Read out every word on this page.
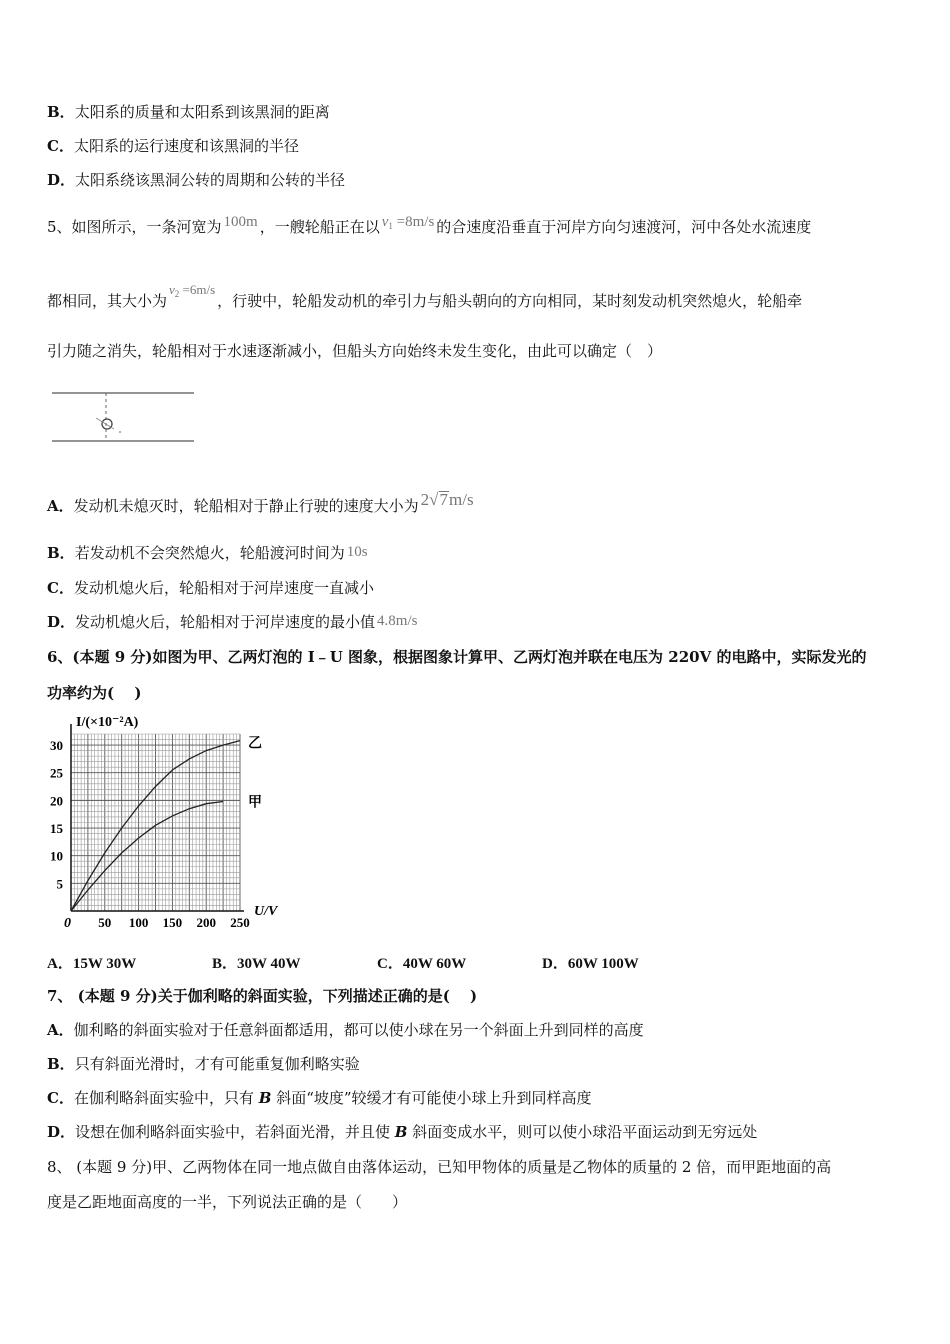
B．太阳系的质量和太阳系到该黑洞的距离
C．太阳系的运行速度和该黑洞的半径
D．太阳系绕该黑洞公转的周期和公转的半径
5、如图所示，一条河宽为 100m ，一艘轮船正在以 $v_1 =8m/s$ 的合速度沿垂直于河岸方向匀速渡河，河中各处水流速度
都相同，其大小为$v_2 =6m/s$，行驶中，轮船发动机的牵引力与船头朝向的方向相同，某时刻发动机突然熄火，轮船牵
引力随之消失，轮船相对于水速逐渐减小，但船头方向始终未发生变化，由此可以确定（　）
A．发动机未熄灭时，轮船相对于静止行驶的速度大小为 2√7m/s
B．若发动机不会突然熄火，轮船渡河时间为 10s
C．发动机熄火后，轮船相对于河岸速度一直减小
D．发动机熄火后，轮船相对于河岸速度的最小值 4.8m/s
6、(本题 9 分)如图为甲、乙两灯泡的 I﹣U 图象，根据图象计算甲、乙两灯泡并联在电压为 220V 的电路中，实际发光的
功率约为(　 )
50 100 150 200 250
5
10
15
20
25
30	乙
甲
I/(×10⁻²A)
U/V
0
A．15W 30W	B．30W 40W	C．40W 60W	D．60W 100W
7、 (本题 9 分)关于伽利略的斜面实验，下列描述正确的是(　 )
A．伽利略的斜面实验对于任意斜面都适用，都可以使小球在另一个斜面上升到同样的高度
B．只有斜面光滑时，才有可能重复伽利略实验
C．在伽利略斜面实验中，只有 B 斜面“坡度”较缓才有可能使小球上升到同样高度
D．设想在伽利略斜面实验中，若斜面光滑，并且使 B 斜面变成水平，则可以使小球沿平面运动到无穷远处
8、 (本题 9 分)甲、乙两物体在同一地点做自由落体运动，已知甲物体的质量是乙物体的质量的 2 倍，而甲距地面的高
度是乙距地面高度的一半，下列说法正确的是（　　）
